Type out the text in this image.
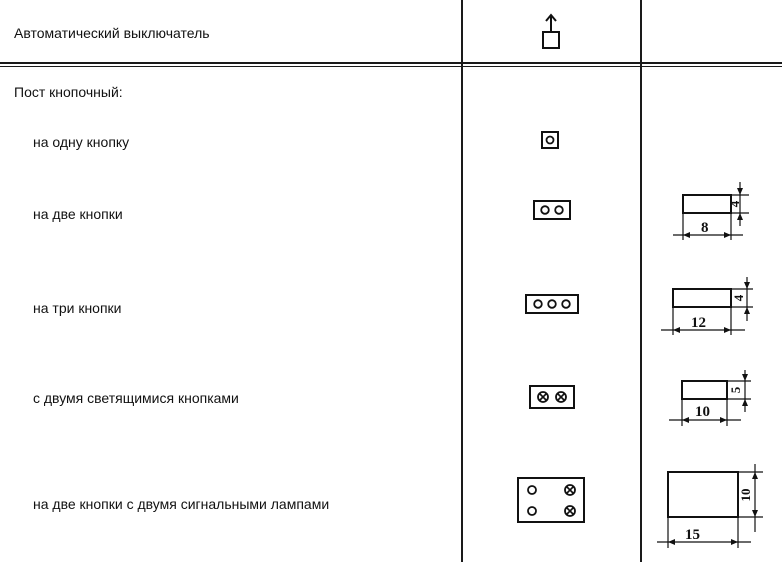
Автоматический выключатель
Пост кнопочный:
на одну кнопку
на две кнопки
8
4
на три кнопки
12
4
с двумя светящимися кнопками
10
5
на две кнопки с двумя сигнальными лампами
15
10
